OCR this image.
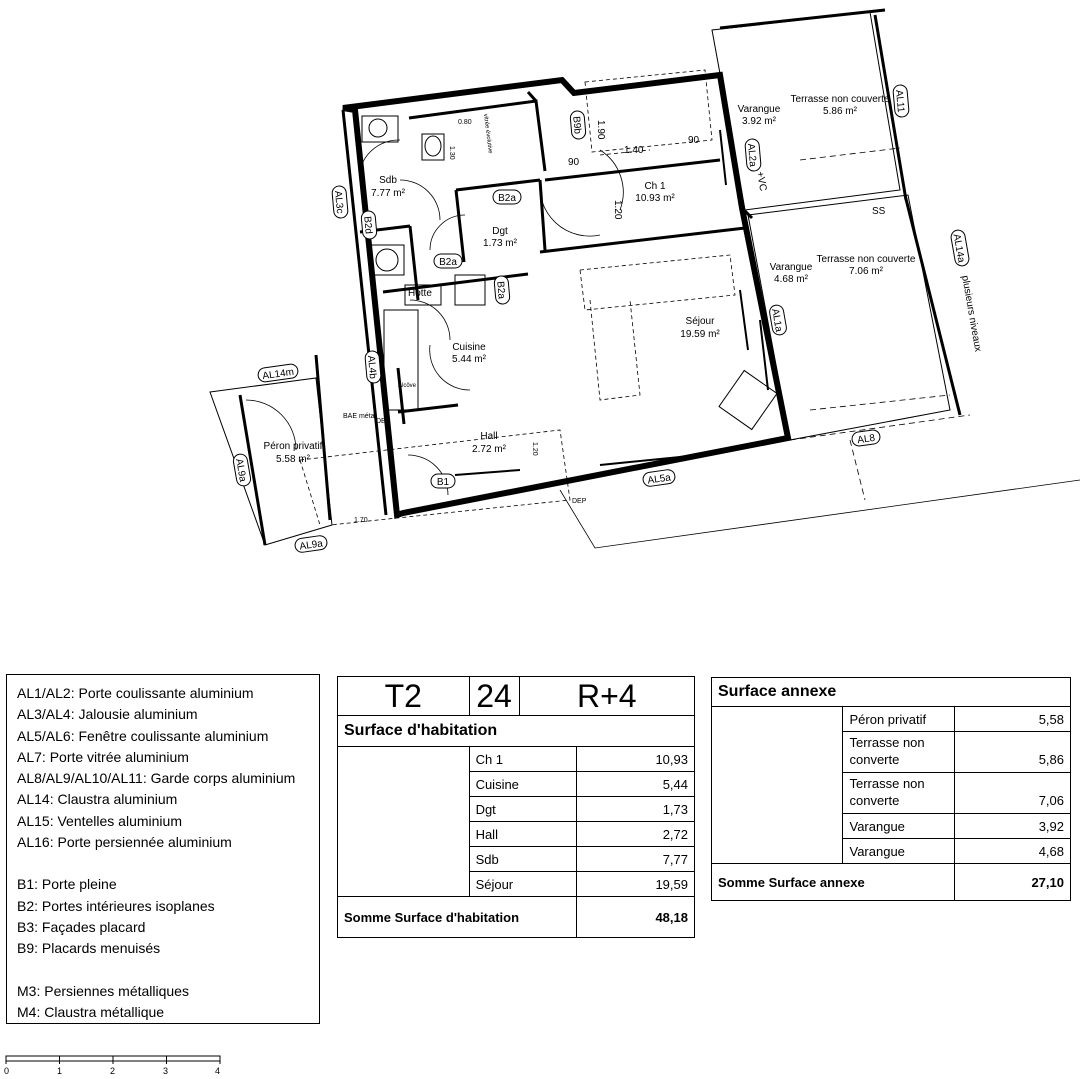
Sdb
7.77 m²
Dgt
1.73 m²
Ch 1
10.93 m²
Cuisine
5.44 m²
Séjour
19.59 m²
Hall
2.72 m²
Péron privatif
5.58 m²
Varangue
3.92 m²
Terrasse non couverte
5.86 m²
Varangue
4.68 m²
Terrasse non couverte
7.06 m²
Hotte	plusieurs niveaux
+VC
SS
BAE métal
DEP
DEP
vitrée évolutive
Alcôve
1.90
1.40
90
90
1.20
0.80
1.30
1.20
1.70
AL3c
B2d
B2a
B2a
B2a
B9b
AL2a
AL11
AL14a
AL1a
AL4b
AL14m
AL9a
AL9a
AL5a
AL8
B1
AL1/AL2: Porte coulissante aluminium
AL3/AL4: Jalousie aluminium
AL5/AL6: Fenêtre coulissante aluminium
AL7: Porte vitrée aluminium
AL8/AL9/AL10/AL11: Garde corps aluminium
AL14: Claustra aluminium
AL15: Ventelles aluminium
AL16: Porte persiennée aluminium
B1: Porte pleine
B2: Portes intérieures isoplanes
B3: Façades placard
B9: Placards menuisés
M3: Persiennes métalliques
M4: Claustra métallique
T2	24	R+4	
Surface d'habitation			
	Ch 1		10,93
	Cuisine		5,44
	Dgt		1,73
	Hall		2,72
	Sdb		7,77
	Séjour		19,59
Somme Surface d'habitation			48,18
Surface annexe		
	Péron privatif	5,58
	Terrasse non converte	5,86
	Terrasse non converte	7,06
	Varangue	3,92
	Varangue	4,68
Somme Surface annexe		27,10
0	1	2	3	4
